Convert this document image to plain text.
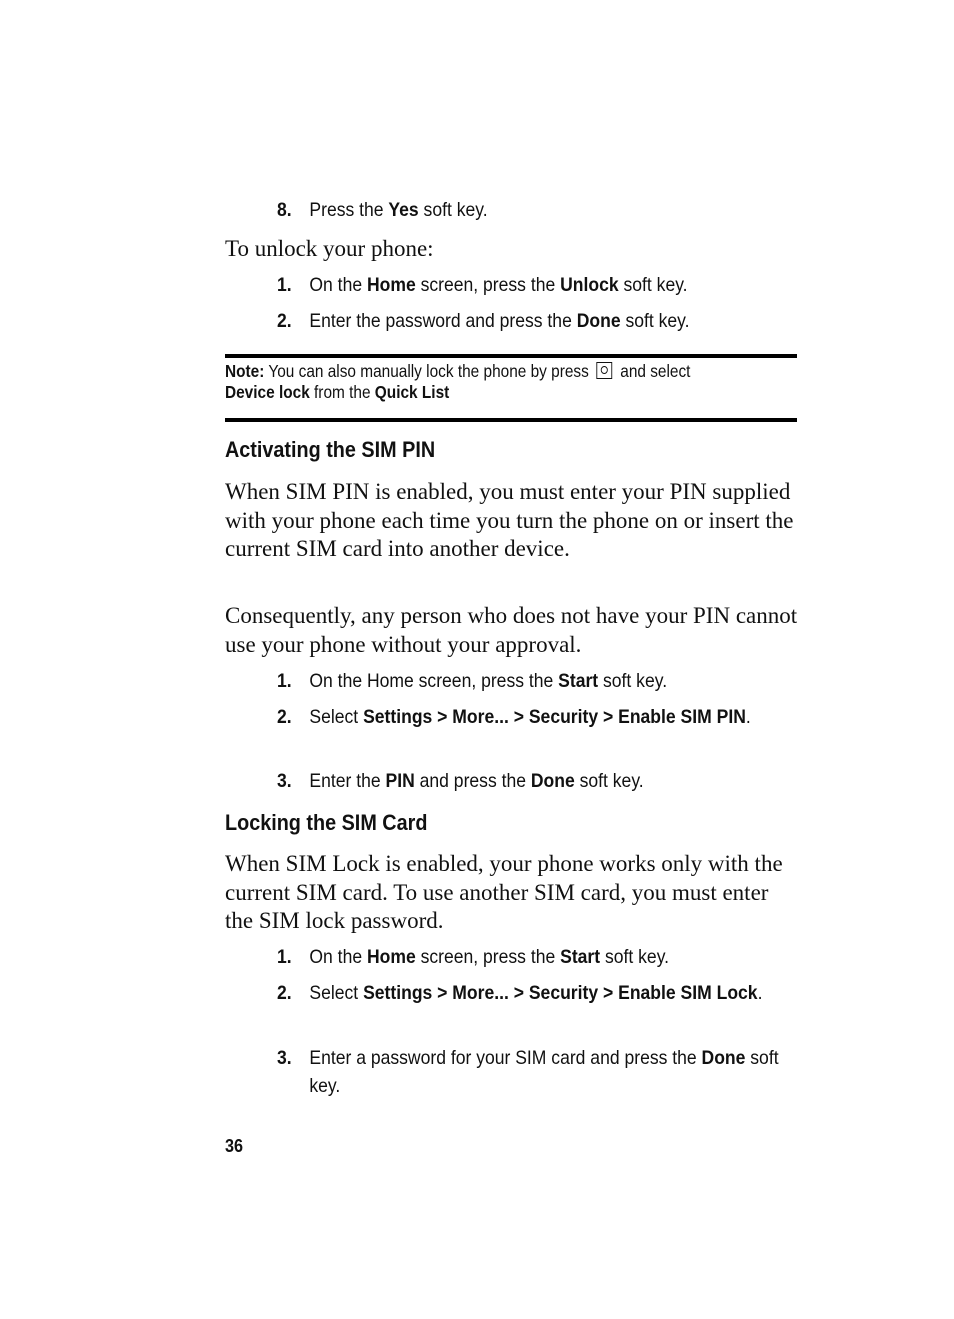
8. Press the Yes soft key.
To unlock your phone:
1. On the Home screen, press the Unlock soft key.
2. Enter the password and press the Done soft key.
Note: You can also manually lock the phone by press  and select
Device lock from the Quick List
Activating the SIM PIN
When SIM PIN is enabled, you must enter your PIN supplied with your phone each time you turn the phone on or insert the current SIM card into another device.
Consequently, any person who does not have your PIN cannot use your phone without your approval.
1. On the Home screen, press the Start soft key.
2. Select Settings > More... > Security > Enable SIM PIN.
3. Enter the PIN and press the Done soft key.
Locking the SIM Card
When SIM Lock is enabled, your phone works only with the current SIM card. To use another SIM card, you must enter the SIM lock password.
1. On the Home screen, press the Start soft key.
2. Select Settings > More... > Security > Enable SIM Lock.
3. Enter a password for your SIM card and press the Done soft key.
36
